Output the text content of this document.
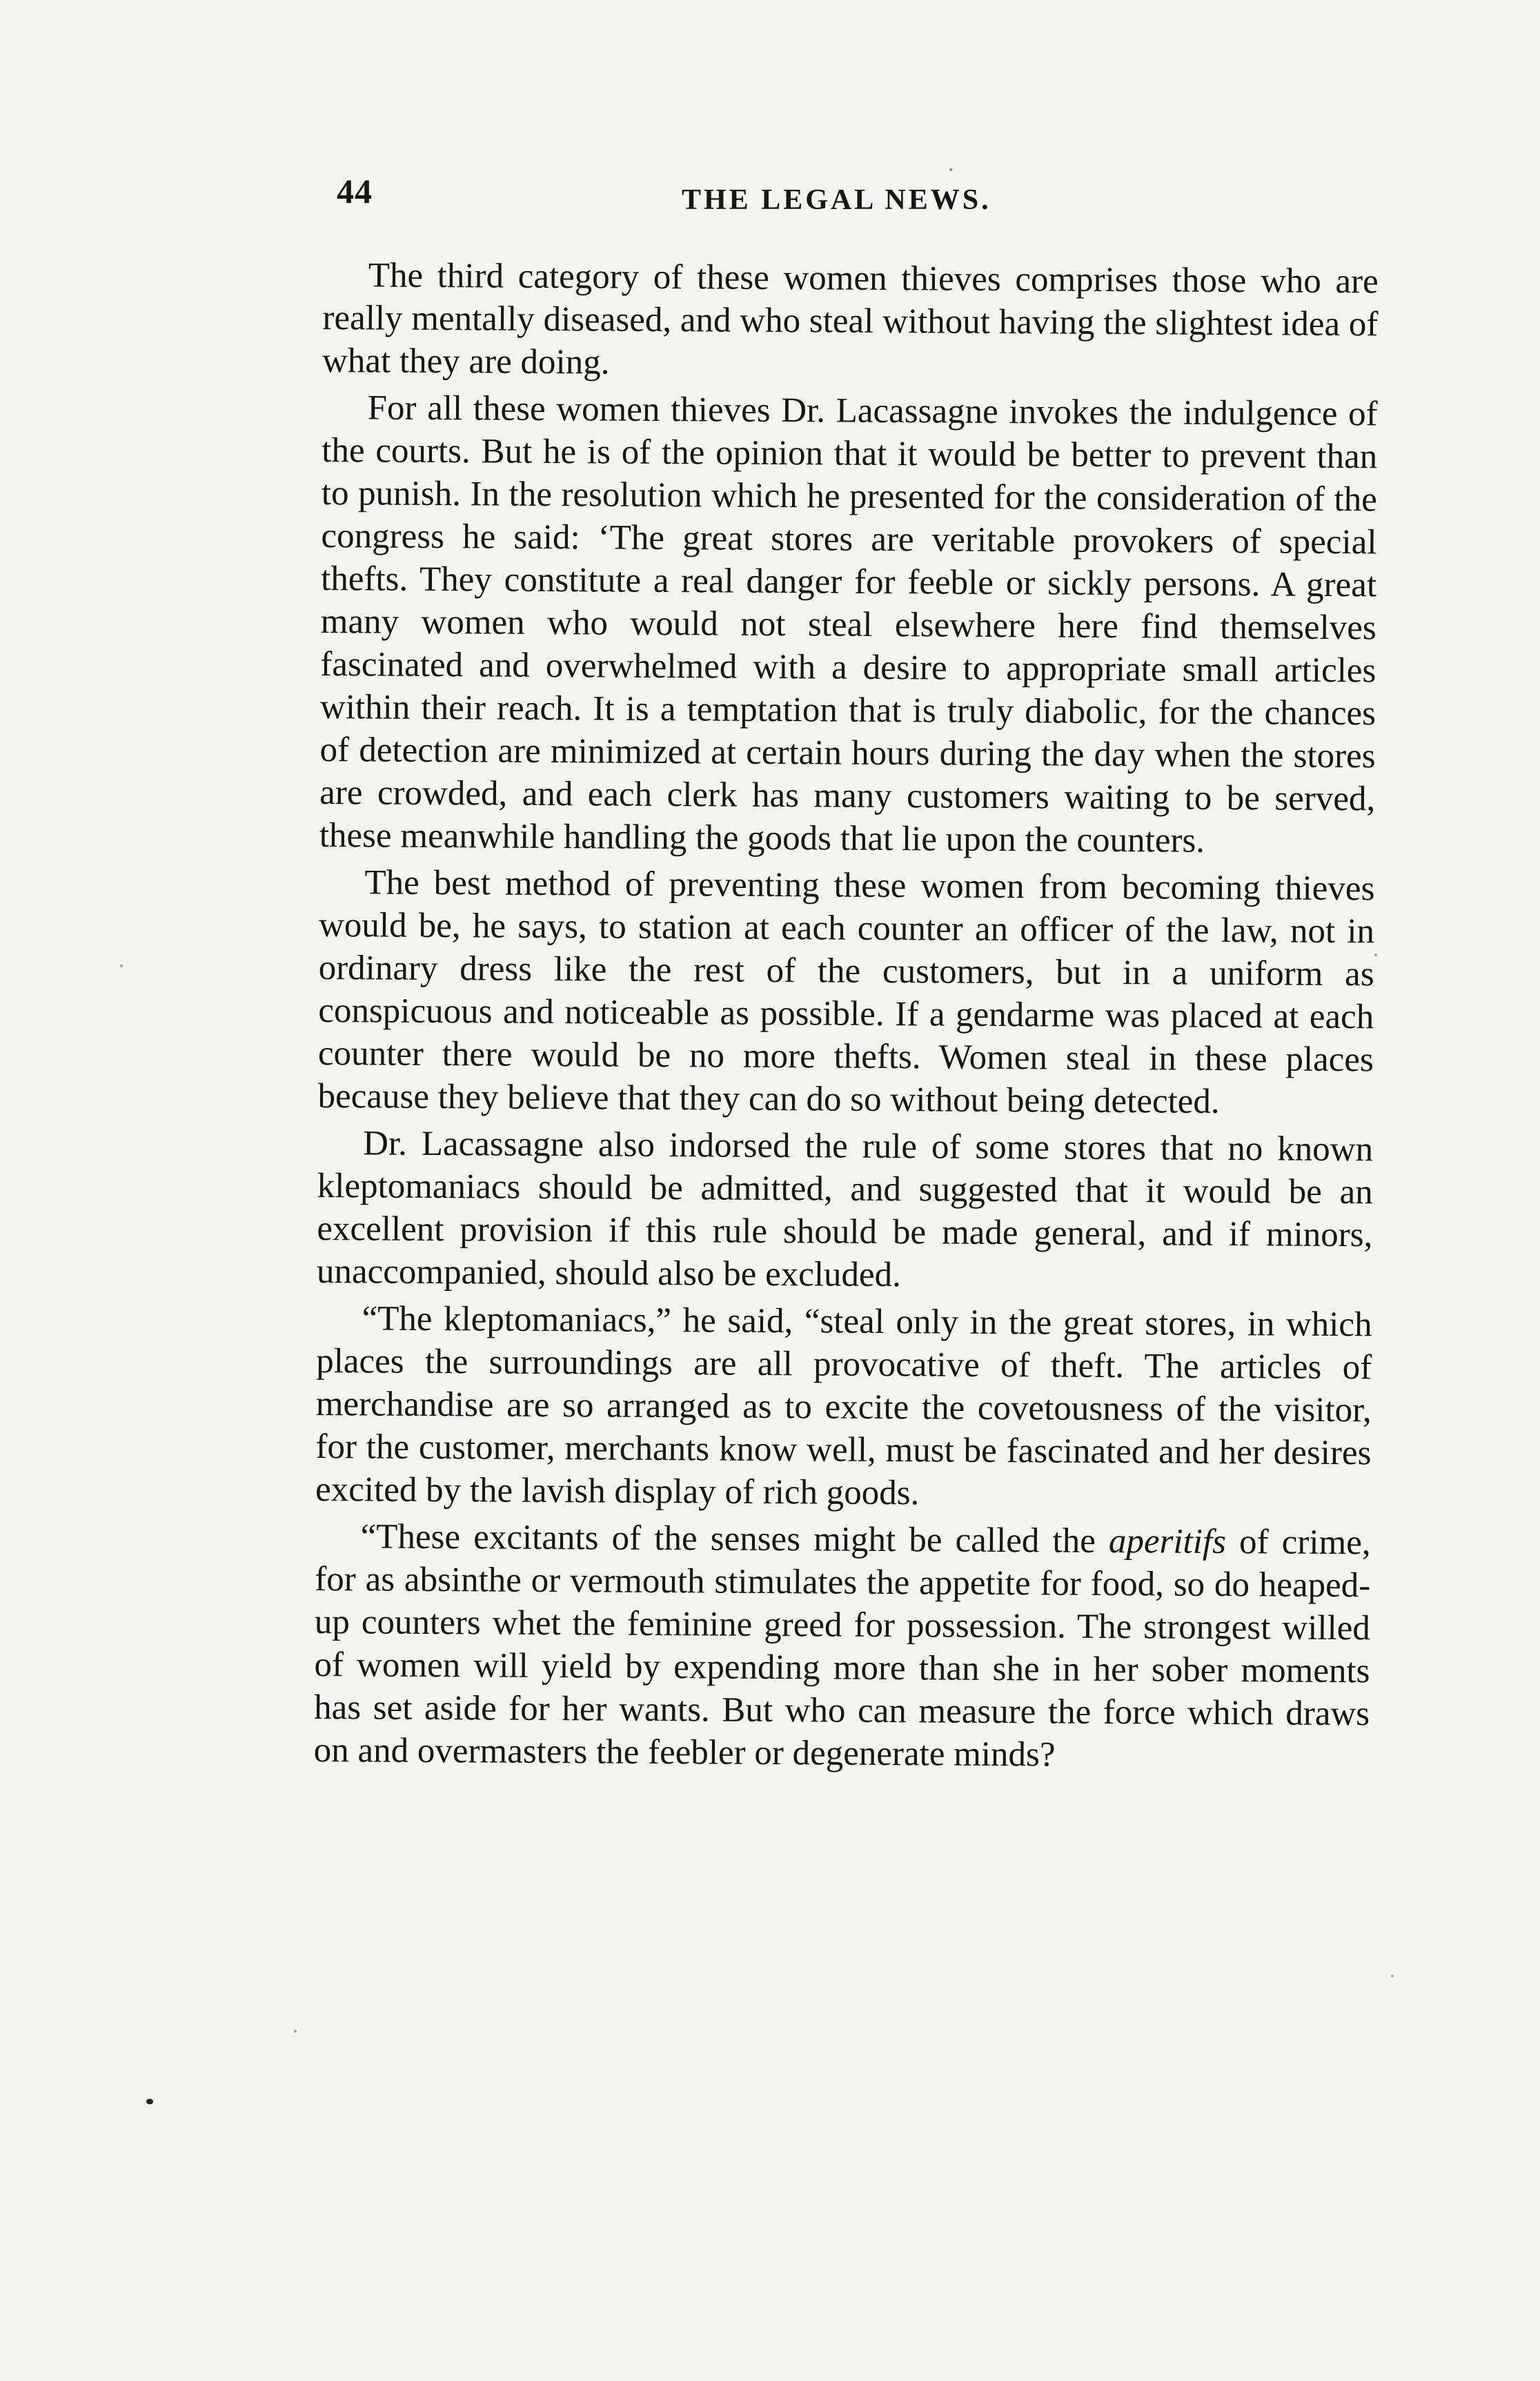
44	THE LEGAL NEWS.

The third category of these women thieves comprises those who are really mentally diseased, and who steal without having the slightest idea of what they are doing.

For all these women thieves Dr. Lacassagne invokes the indulgence of the courts. But he is of the opinion that it would be better to prevent than to punish. In the resolution which he presented for the consideration of the congress he said: ‘The great stores are veritable provokers of special thefts. They constitute a real danger for feeble or sickly persons. A great many women who would not steal elsewhere here find themselves fascinated and overwhelmed with a desire to appropriate small articles within their reach. It is a temptation that is truly diabolic, for the chances of detection are minimized at certain hours during the day when the stores are crowded, and each clerk has many customers waiting to be served, these meanwhile handling the goods that lie upon the counters.

The best method of preventing these women from becoming thieves would be, he says, to station at each counter an officer of the law, not in ordinary dress like the rest of the customers, but in a uniform as conspicuous and noticeable as possible. If a gendarme was placed at each counter there would be no more thefts. Women steal in these places because they believe that they can do so without being detected.

Dr. Lacassagne also indorsed the rule of some stores that no known kleptomaniacs should be admitted, and suggested that it would be an excellent provision if this rule should be made general, and if minors, unaccompanied, should also be excluded.

“The kleptomaniacs,” he said, “steal only in the great stores, in which places the surroundings are all provocative of theft. The articles of merchandise are so arranged as to excite the covetousness of the visitor, for the customer, merchants know well, must be fascinated and her desires excited by the lavish display of rich goods.

“These excitants of the senses might be called the aperitifs of crime, for as absinthe or vermouth stimulates the appetite for food, so do heaped-up counters whet the feminine greed for possession. The strongest willed of women will yield by expending more than she in her sober moments has set aside for her wants. But who can measure the force which draws on and overmasters the feebler or degenerate minds?
